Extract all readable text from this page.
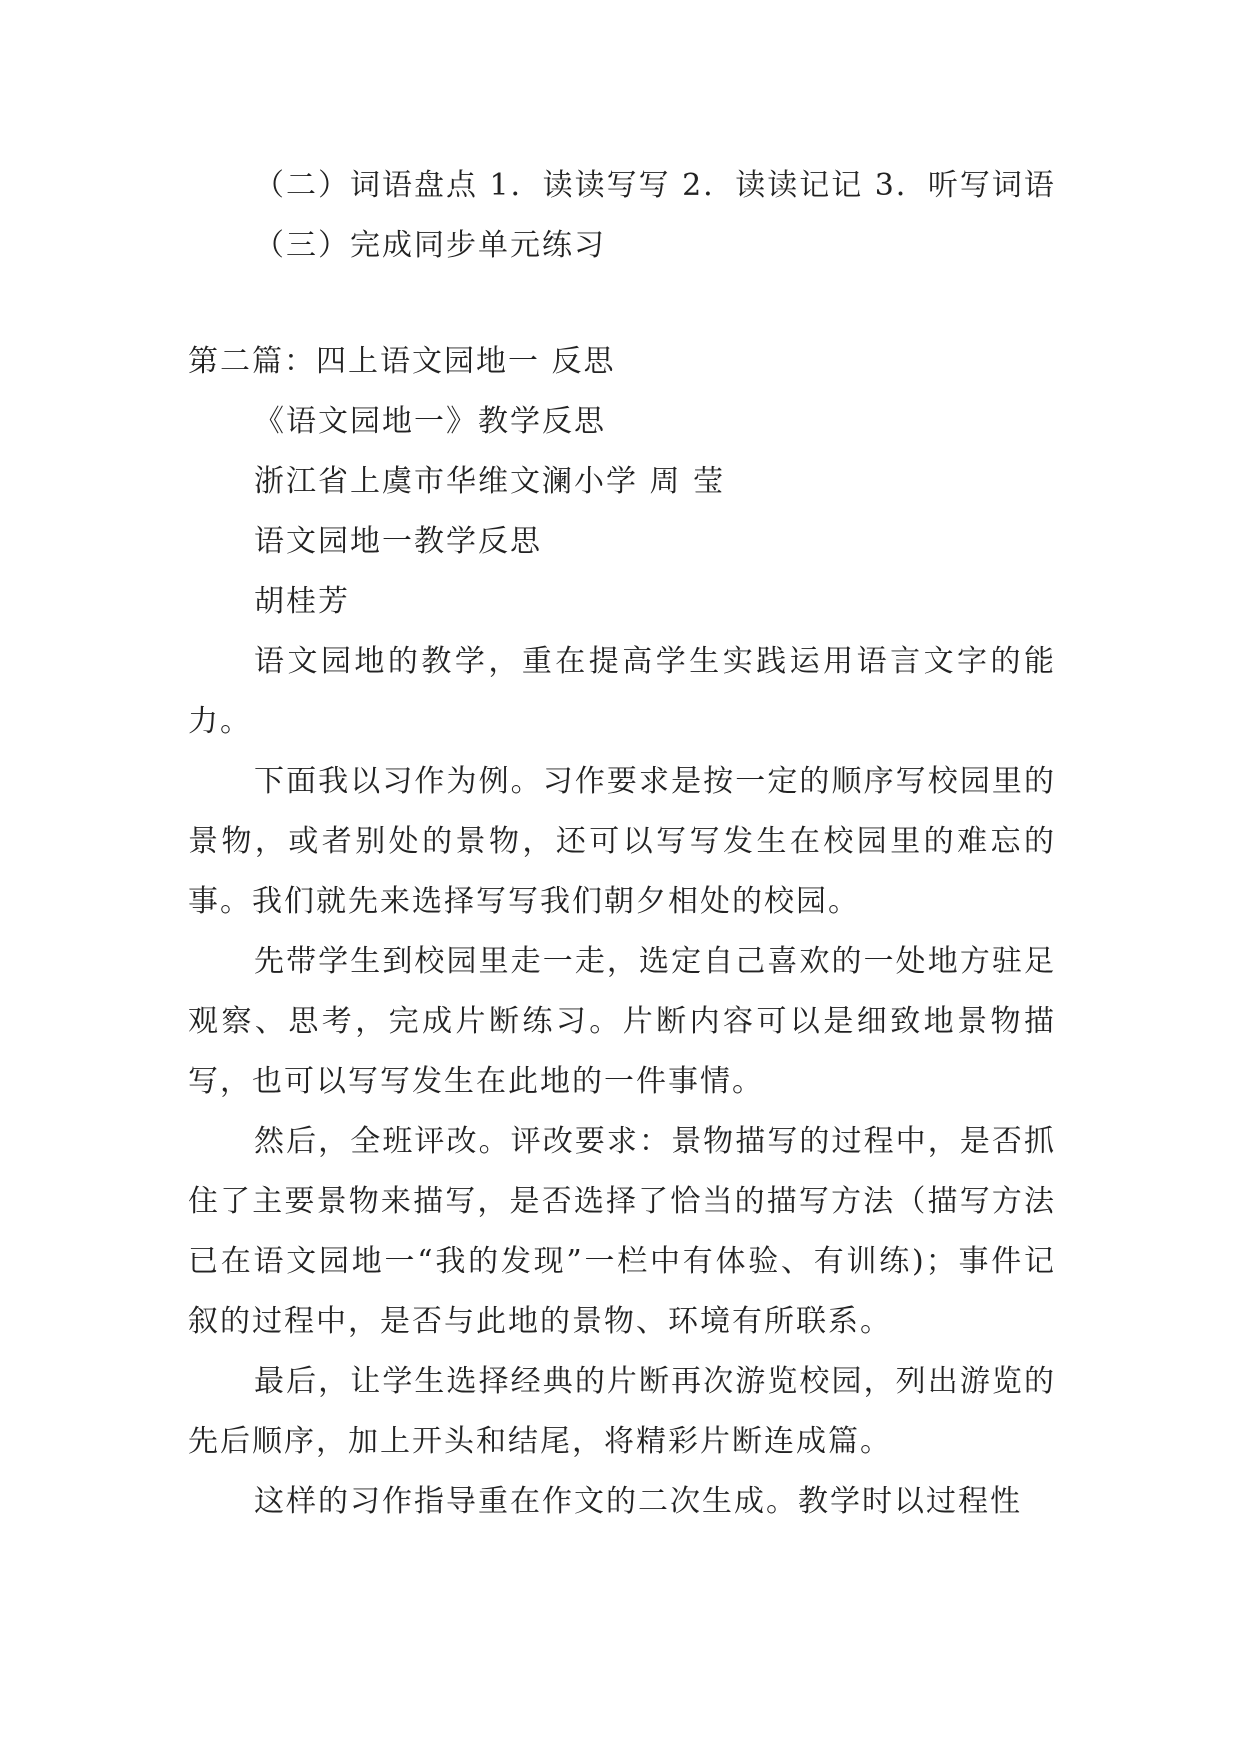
（二）词语盘点 1．读读写写 2．读读记记 3．听写词语

（三）完成同步单元练习

第二篇：四上语文园地一 反思

《语文园地一》教学反思

浙江省上虞市华维文澜小学 周 莹

语文园地一教学反思

胡桂芳

语文园地的教学，重在提高学生实践运用语言文字的能力。

下面我以习作为例。习作要求是按一定的顺序写校园里的景物，或者别处的景物，还可以写写发生在校园里的难忘的事。我们就先来选择写写我们朝夕相处的校园。

先带学生到校园里走一走，选定自己喜欢的一处地方驻足观察、思考，完成片断练习。片断内容可以是细致地景物描写，也可以写写发生在此地的一件事情。

然后，全班评改。评改要求：景物描写的过程中，是否抓住了主要景物来描写，是否选择了恰当的描写方法（描写方法已在语文园地一“我的发现”一栏中有体验、有训练)；事件记叙的过程中，是否与此地的景物、环境有所联系。

最后，让学生选择经典的片断再次游览校园，列出游览的先后顺序，加上开头和结尾，将精彩片断连成篇。

这样的习作指导重在作文的二次生成。教学时以过程性
